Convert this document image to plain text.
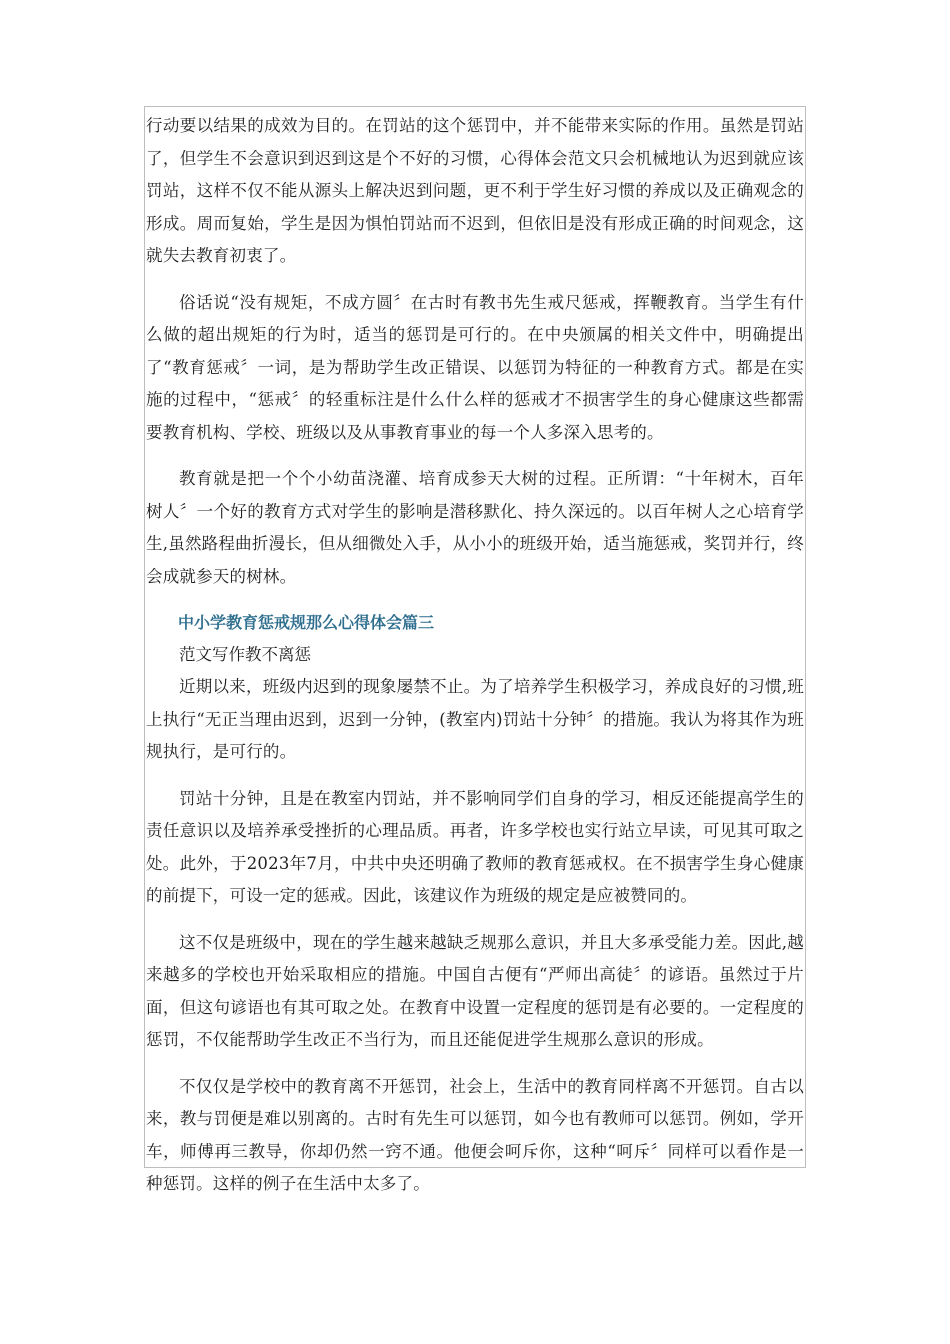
行动要以结果的成效为目的。在罚站的这个惩罚中，并不能带来实际的作用。虽然是罚站了，但学生不会意识到迟到这是个不好的习惯，心得体会范文只会机械地认为迟到就应该罚站，这样不仅不能从源头上解决迟到问题，更不利于学生好习惯的养成以及正确观念的形成。周而复始，学生是因为惧怕罚站而不迟到，但依旧是没有形成正确的时间观念，这就失去教育初衷了。

俗话说“没有规矩，不成方圆〞在古时有教书先生戒尺惩戒，挥鞭教育。当学生有什么做的超出规矩的行为时，适当的惩罚是可行的。在中央颁属的相关文件中，明确提出了“教育惩戒〞一词，是为帮助学生改正错误、以惩罚为特征的一种教育方式。都是在实施的过程中，“惩戒〞的轻重标注是什么什么样的惩戒才不损害学生的身心健康这些都需要教育机构、学校、班级以及从事教育事业的每一个人多深入思考的。

教育就是把一个个小幼苗浇灌、培育成参天大树的过程。正所谓：“十年树木，百年树人〞一个好的教育方式对学生的影响是潜移默化、持久深远的。以百年树人之心培育学生,虽然路程曲折漫长，但从细微处入手，从小小的班级开始，适当施惩戒，奖罚并行，终会成就参天的树林。

中小学教育惩戒规那么心得体会篇三

范文写作教不离惩

近期以来，班级内迟到的现象屡禁不止。为了培养学生积极学习，养成良好的习惯,班上执行“无正当理由迟到，迟到一分钟，(教室内)罚站十分钟〞的措施。我认为将其作为班规执行，是可行的。

罚站十分钟，且是在教室内罚站，并不影响同学们自身的学习，相反还能提高学生的责任意识以及培养承受挫折的心理品质。再者，许多学校也实行站立早读，可见其可取之处。此外，于2023年7月，中共中央还明确了教师的教育惩戒权。在不损害学生身心健康的前提下，可设一定的惩戒。因此，该建议作为班级的规定是应被赞同的。

这不仅是班级中，现在的学生越来越缺乏规那么意识，并且大多承受能力差。因此,越来越多的学校也开始采取相应的措施。中国自古便有“严师出高徒〞的谚语。虽然过于片面，但这句谚语也有其可取之处。在教育中设置一定程度的惩罚是有必要的。一定程度的惩罚，不仅能帮助学生改正不当行为，而且还能促进学生规那么意识的形成。

不仅仅是学校中的教育离不开惩罚，社会上，生活中的教育同样离不开惩罚。自古以来，教与罚便是难以别离的。古时有先生可以惩罚，如今也有教师可以惩罚。例如，学开车，师傅再三教导，你却仍然一窍不通。他便会呵斥你，这种“呵斥〞同样可以看作是一种惩罚。这样的例子在生活中太多了。
